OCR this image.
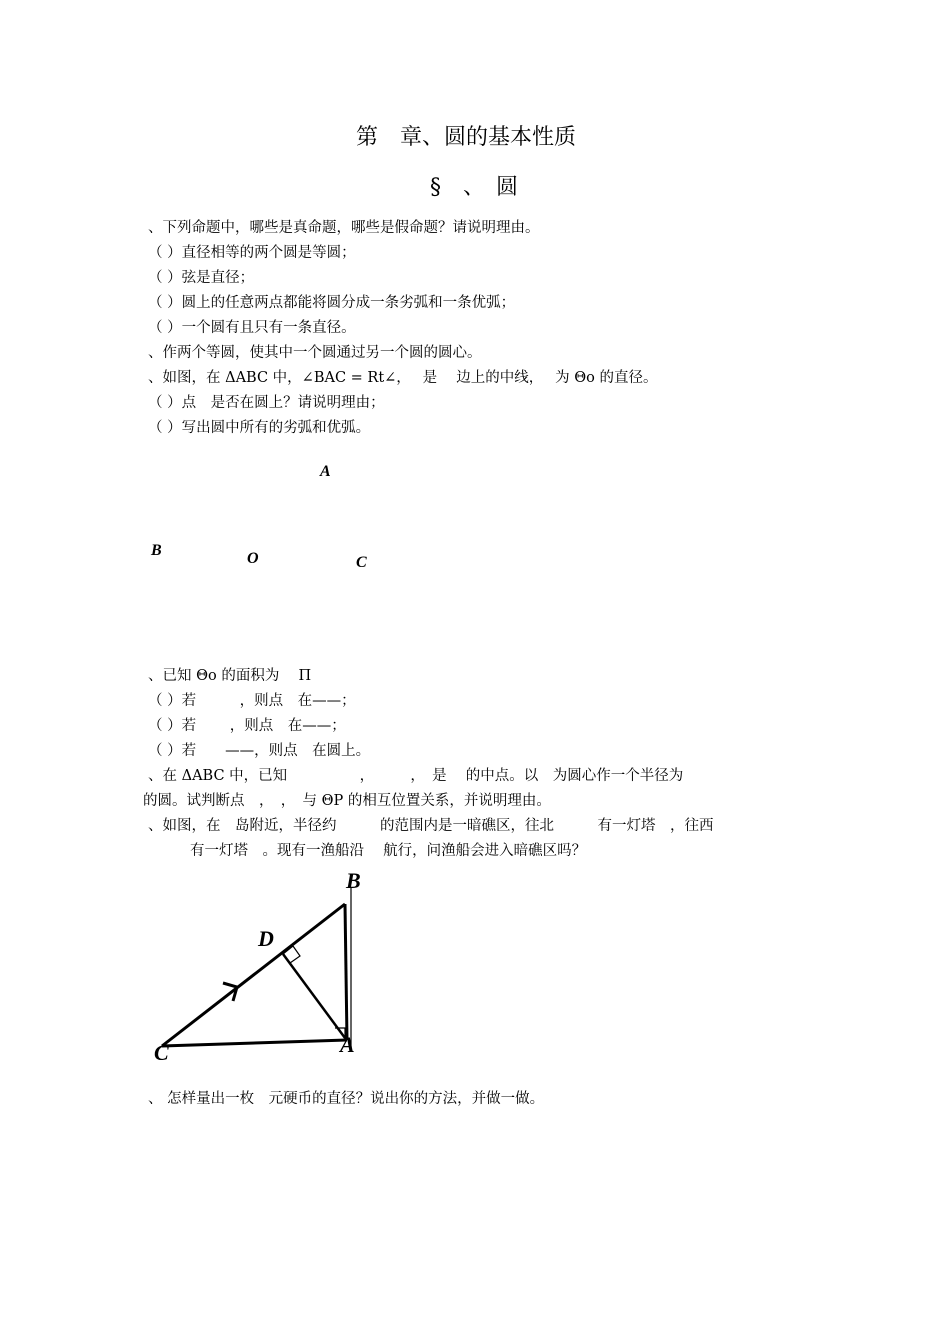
第　章、圆的基本性质
§　、　圆
、下列命题中，哪些是真命题，哪些是假命题？请说明理由。
（ ）直径相等的两个圆是等圆；
（ ）弦是直径；
（ ）圆上的任意两点都能将圆分成一条劣弧和一条优弧；
（ ）一个圆有且只有一条直径。
、作两个等圆，使其中一个圆通过另一个圆的圆心。
、如图，在 ΔABC 中，∠BAC = Rt∠，　 是　 边上的中线，　 为 Θo 的直径。
（ ）点　是否在圆上？请说明理由；
（ ）写出圆中所有的劣弧和优弧。
A
B	O	C
、已知 Θo 的面积为　 Π
（ ）若　　　，则点　在——；
（ ）若　　 ，则点　在——；
（ ）若　　——，则点　在圆上。
、在 ΔABC 中，已知　　　　　，　　　，　是　 的中点。以　为圆心作一个半径为
的圆。试判断点　，　，　与 ΘP 的相互位置关系，并说明理由。
、如图，在　岛附近，半径约　　　的范围内是一暗礁区，往北　　　有一灯塔　，往西
有一灯塔　。现有一渔船沿　 航行，问渔船会进入暗礁区吗？
B
D
C	A
、 怎样量出一枚　元硬币的直径？说出你的方法，并做一做。
